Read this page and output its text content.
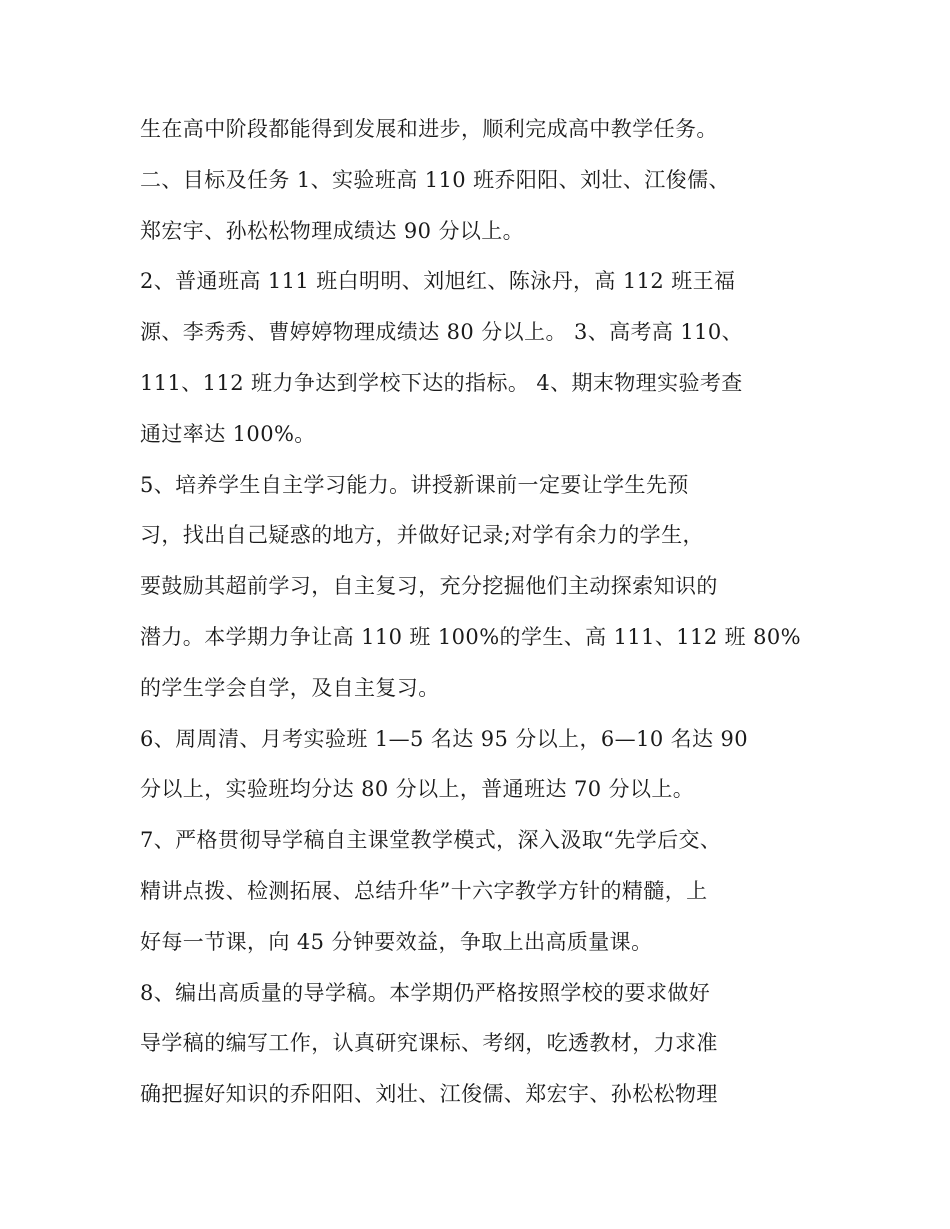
生在高中阶段都能得到发展和进步，顺利完成高中教学任务。
二、目标及任务 1、实验班高 110 班乔阳阳、刘壮、江俊儒、
郑宏宇、孙松松物理成绩达 90 分以上。
2、普通班高 111 班白明明、刘旭红、陈泳丹，高 112 班王福
源、李秀秀、曹婷婷物理成绩达 80 分以上。 3、高考高 110、
111、112 班力争达到学校下达的指标。 4、期末物理实验考查
通过率达 100%。
5、培养学生自主学习能力。讲授新课前一定要让学生先预
习，找出自己疑惑的地方，并做好记录;对学有余力的学生，
要鼓励其超前学习，自主复习，充分挖掘他们主动探索知识的
潜力。本学期力争让高 110 班 100%的学生、高 111、112 班 80%
的学生学会自学，及自主复习。
6、周周清、月考实验班 1—5 名达 95 分以上，6—10 名达 90
分以上，实验班均分达 80 分以上，普通班达 70 分以上。
7、严格贯彻导学稿自主课堂教学模式，深入汲取“先学后交、
精讲点拨、检测拓展、总结升华”十六字教学方针的精髓，上
好每一节课，向 45 分钟要效益，争取上出高质量课。
8、编出高质量的导学稿。本学期仍严格按照学校的要求做好
导学稿的编写工作，认真研究课标、考纲，吃透教材，力求准
确把握好知识的乔阳阳、刘壮、江俊儒、郑宏宇、孙松松物理
